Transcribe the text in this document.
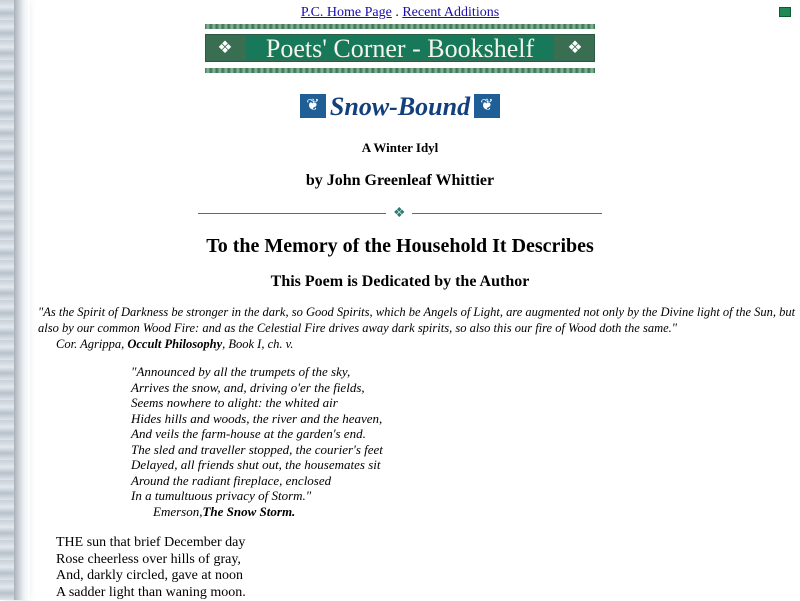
P.C. Home Page . Recent Additions
❖	Poets' Corner - Bookshelf	❖
❦ Snow-Bound ❦
A Winter Idyl
by John Greenleaf Whittier
❖
To the Memory of the Household It Describes
This Poem is Dedicated by the Author
"As the Spirit of Darkness be stronger in the dark, so Good Spirits, which be Angels of Light, are augmented not only by the Divine light of the Sun, but also by our common Wood Fire: and as the Celestial Fire drives away dark spirits, so also this our fire of Wood doth the same."
Cor. Agrippa, Occult Philosophy, Book I, ch. v.
"Announced by all the trumpets of the sky,
Arrives the snow, and, driving o'er the fields,
Seems nowhere to alight: the whited air
Hides hills and woods, the river and the heaven,
And veils the farm-house at the garden's end.
The sled and traveller stopped, the courier's feet
Delayed, all friends shut out, the housemates sit
Around the radiant fireplace, enclosed
In a tumultuous privacy of Storm."
Emerson,The Snow Storm.
THE sun that brief December day
Rose cheerless over hills of gray,
And, darkly circled, gave at noon
A sadder light than waning moon.
